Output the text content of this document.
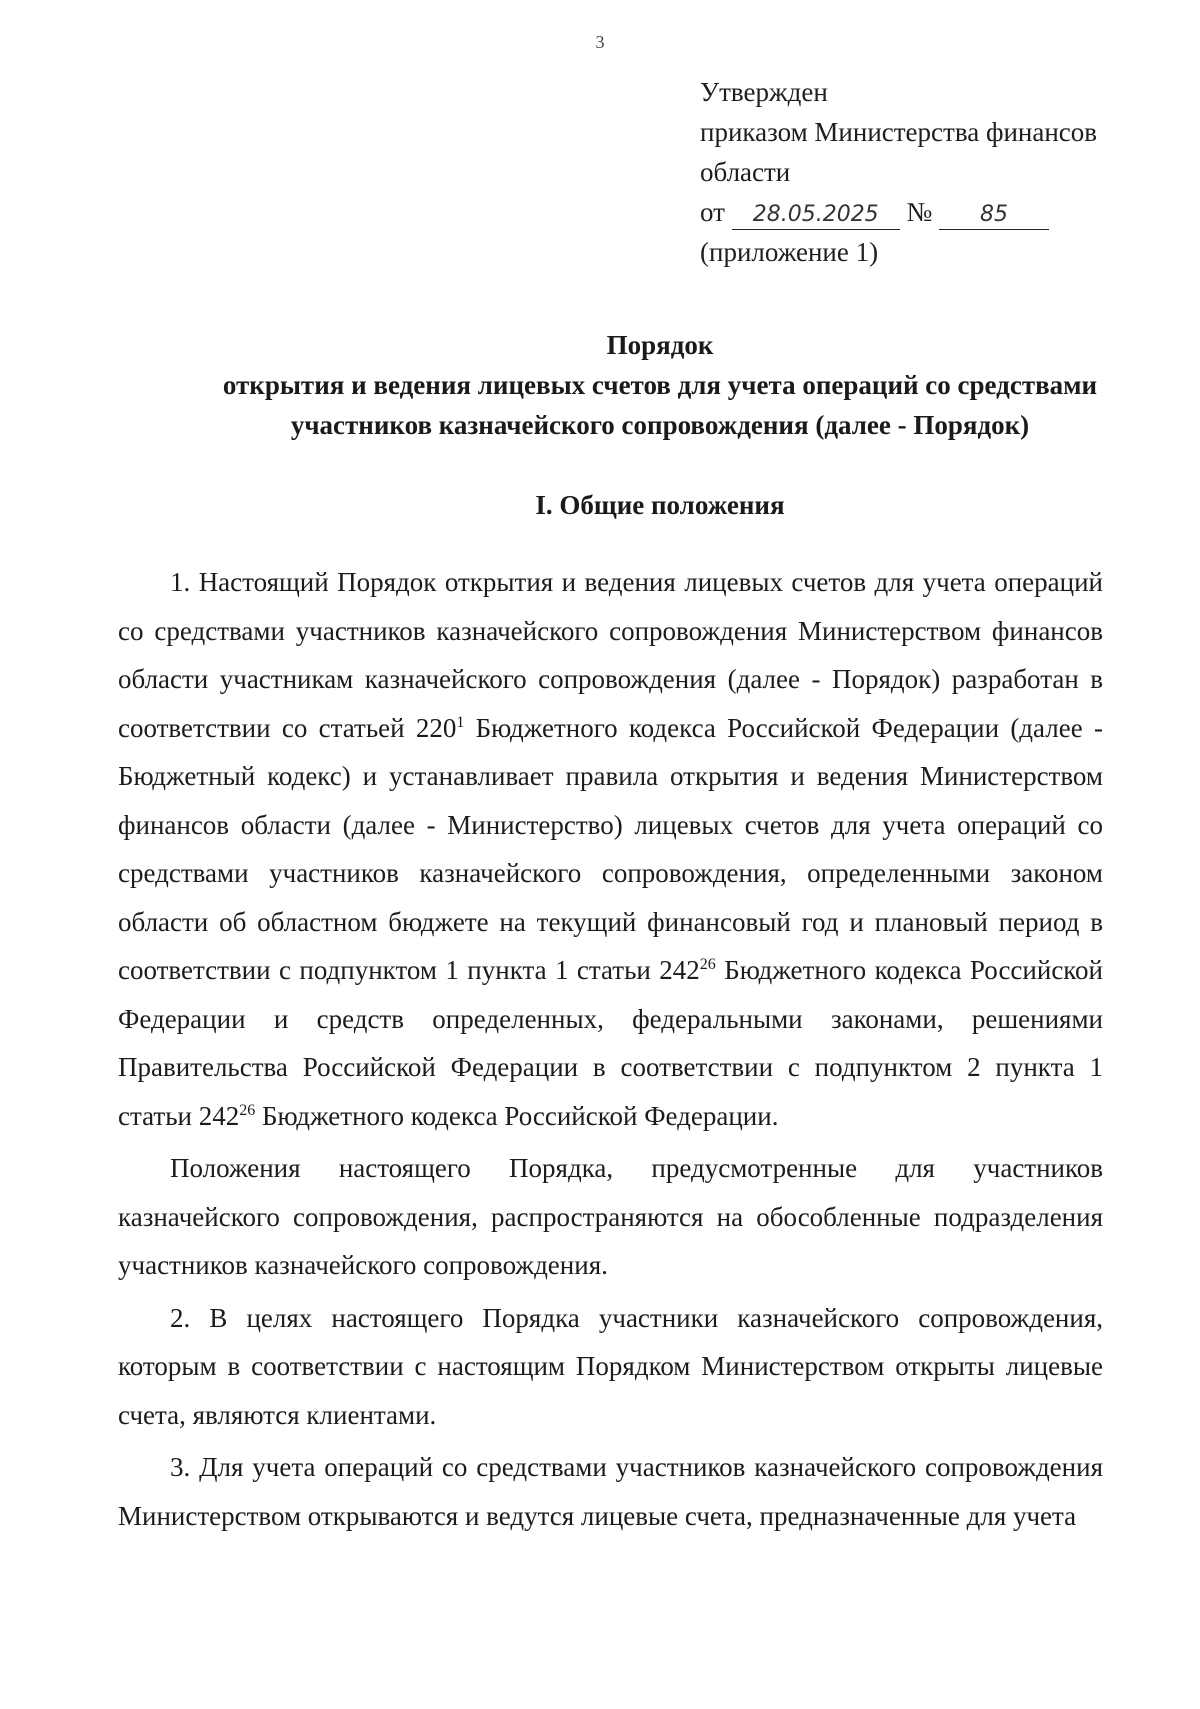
3
Утвержден
приказом Министерства финансов
области
от 28.05.2025 № 85
(приложение 1)
Порядок
открытия и ведения лицевых счетов для учета операций со средствами
участников казначейского сопровождения (далее - Порядок)
I. Общие положения

1. Настоящий Порядок открытия и ведения лицевых счетов для учета операций со средствами участников казначейского сопровождения Министерством финансов области участникам казначейского сопровождения (далее - Порядок) разработан в соответствии со статьей $220^1$ Бюджетного кодекса Российской Федерации (далее - Бюджетный кодекс) и устанавливает правила открытия и ведения Министерством финансов области (далее - Министерство) лицевых счетов для учета операций со средствами участников казначейского сопровождения, определенными законом области об областном бюджете на текущий финансовый год и плановый период в соответствии с подпунктом 1 пункта 1 статьи $242^{26}$ Бюджетного кодекса Российской Федерации и средств определенных, федеральными законами, решениями Правительства Российской Федерации в соответствии с подпунктом 2 пункта 1 статьи $242^{26}$ Бюджетного кодекса Российской Федерации.

Положения настоящего Порядка, предусмотренные для участников казначейского сопровождения, распространяются на обособленные подразделения участников казначейского сопровождения.

2. В целях настоящего Порядка участники казначейского сопровождения, которым в соответствии с настоящим Порядком Министерством открыты лицевые счета, являются клиентами.

3. Для учета операций со средствами участников казначейского сопровождения Министерством открываются и ведутся лицевые счета, предназначенные для учета
